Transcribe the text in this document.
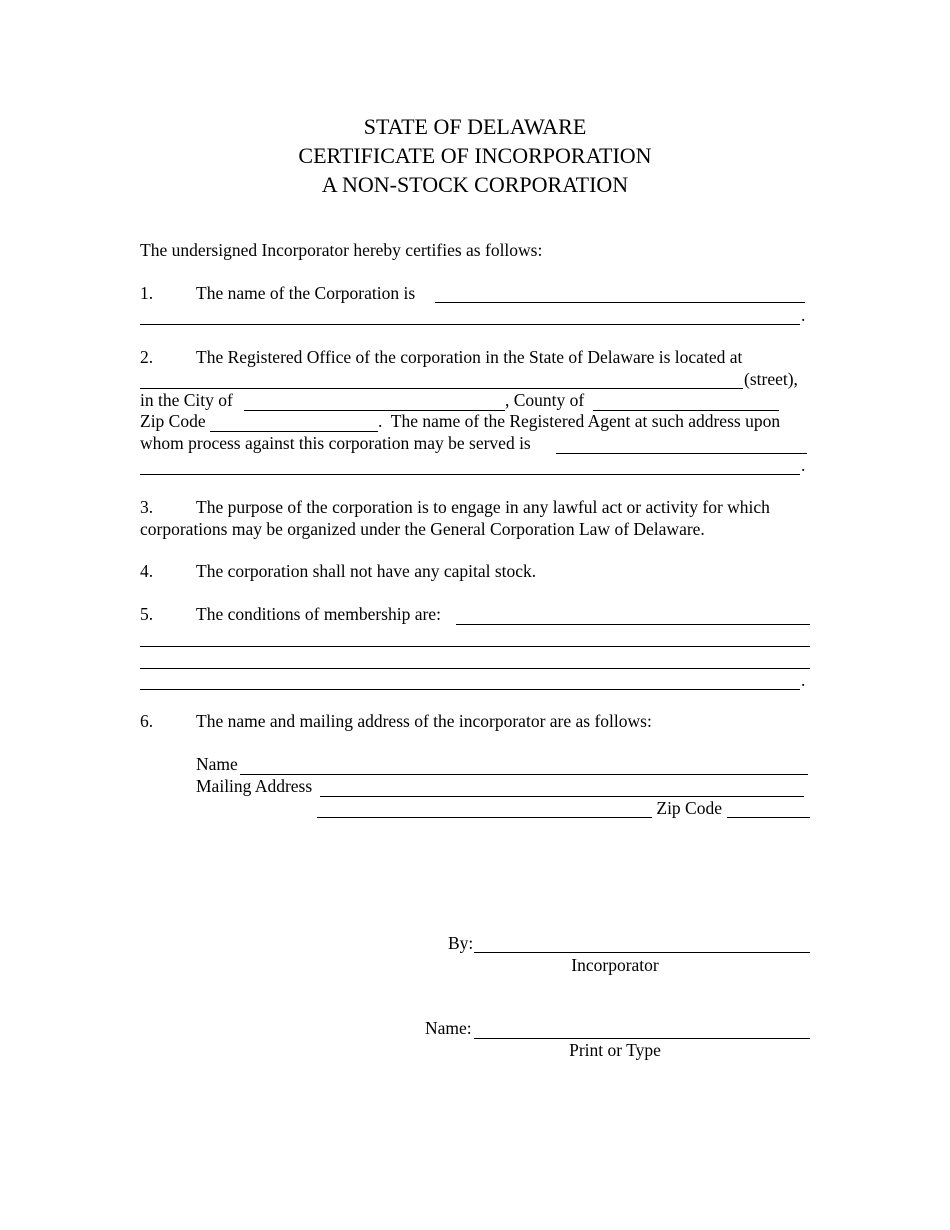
STATE OF DELAWARE
CERTIFICATE OF INCORPORATION
A NON-STOCK CORPORATION
The undersigned Incorporator hereby certifies as follows:
1. The name of the Corporation is
.
2. The Registered Office of the corporation in the State of Delaware is located at
(street),
in the City of	, County of
Zip Code	.  The name of the Registered Agent at such address upon
whom process against this corporation may be served is
.
3. The purpose of the corporation is to engage in any lawful act or activity for which
corporations may be organized under the General Corporation Law of Delaware.
4. The corporation shall not have any capital stock.
5. The conditions of membership are:
.
6. The name and mailing address of the incorporator are as follows:
Name
Mailing Address
Zip Code
By:
Incorporator
Name:
Print or Type
